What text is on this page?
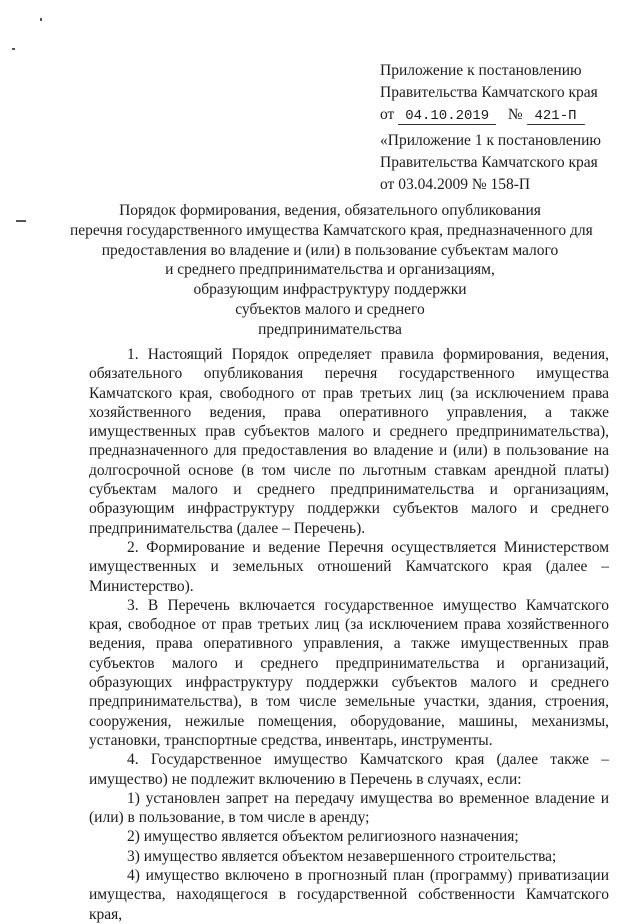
Приложение к постановлению
Правительства Камчатского края
от 04.10.2019 № 421-П
«Приложение 1 к постановлению
Правительства Камчатского края
от 03.04.2009 № 158-П
Порядок формирования, ведения, обязательного опубликования
перечня государственного имущества Камчатского края, предназначенного для
предоставления во владение и (или) в пользование субъектам малого
и среднего предпринимательства и организациям,
образующим инфраструктуру поддержки
субъектов малого и среднего
предпринимательства

1. Настоящий Порядок определяет правила формирования, ведения, обязательного опубликования перечня государственного имущества Камчатского края, свободного от прав третьих лиц (за исключением права хозяйственного ведения, права оперативного управления, а также имущественных прав субъектов малого и среднего предпринимательства), предназначенного для предоставления во владение и (или) в пользование на долгосрочной основе (в том числе по льготным ставкам арендной платы) субъектам малого и среднего предпринимательства и организациям, образующим инфраструктуру поддержки субъектов малого и среднего предпринимательства (далее – Перечень).

2. Формирование и ведение Перечня осуществляется Министерством имущественных и земельных отношений Камчатского края (далее – Министерство).

3. В Перечень включается государственное имущество Камчатского края, свободное от прав третьих лиц (за исключением права хозяйственного ведения, права оперативного управления, а также имущественных прав субъектов малого и среднего предпринимательства и организаций, образующих инфраструктуру поддержки субъектов малого и среднего предпринимательства), в том числе земельные участки, здания, строения, сооружения, нежилые помещения, оборудование, машины, механизмы, установки, транспортные средства, инвентарь, инструменты.

4. Государственное имущество Камчатского края (далее также – имущество) не подлежит включению в Перечень в случаях, если:

1) установлен запрет на передачу имущества во временное владение и (или) в пользование, в том числе в аренду;

2) имущество является объектом религиозного назначения;

3) имущество является объектом незавершенного строительства;

4) имущество включено в прогнозный план (программу) приватизации имущества, находящегося в государственной собственности Камчатского края,
